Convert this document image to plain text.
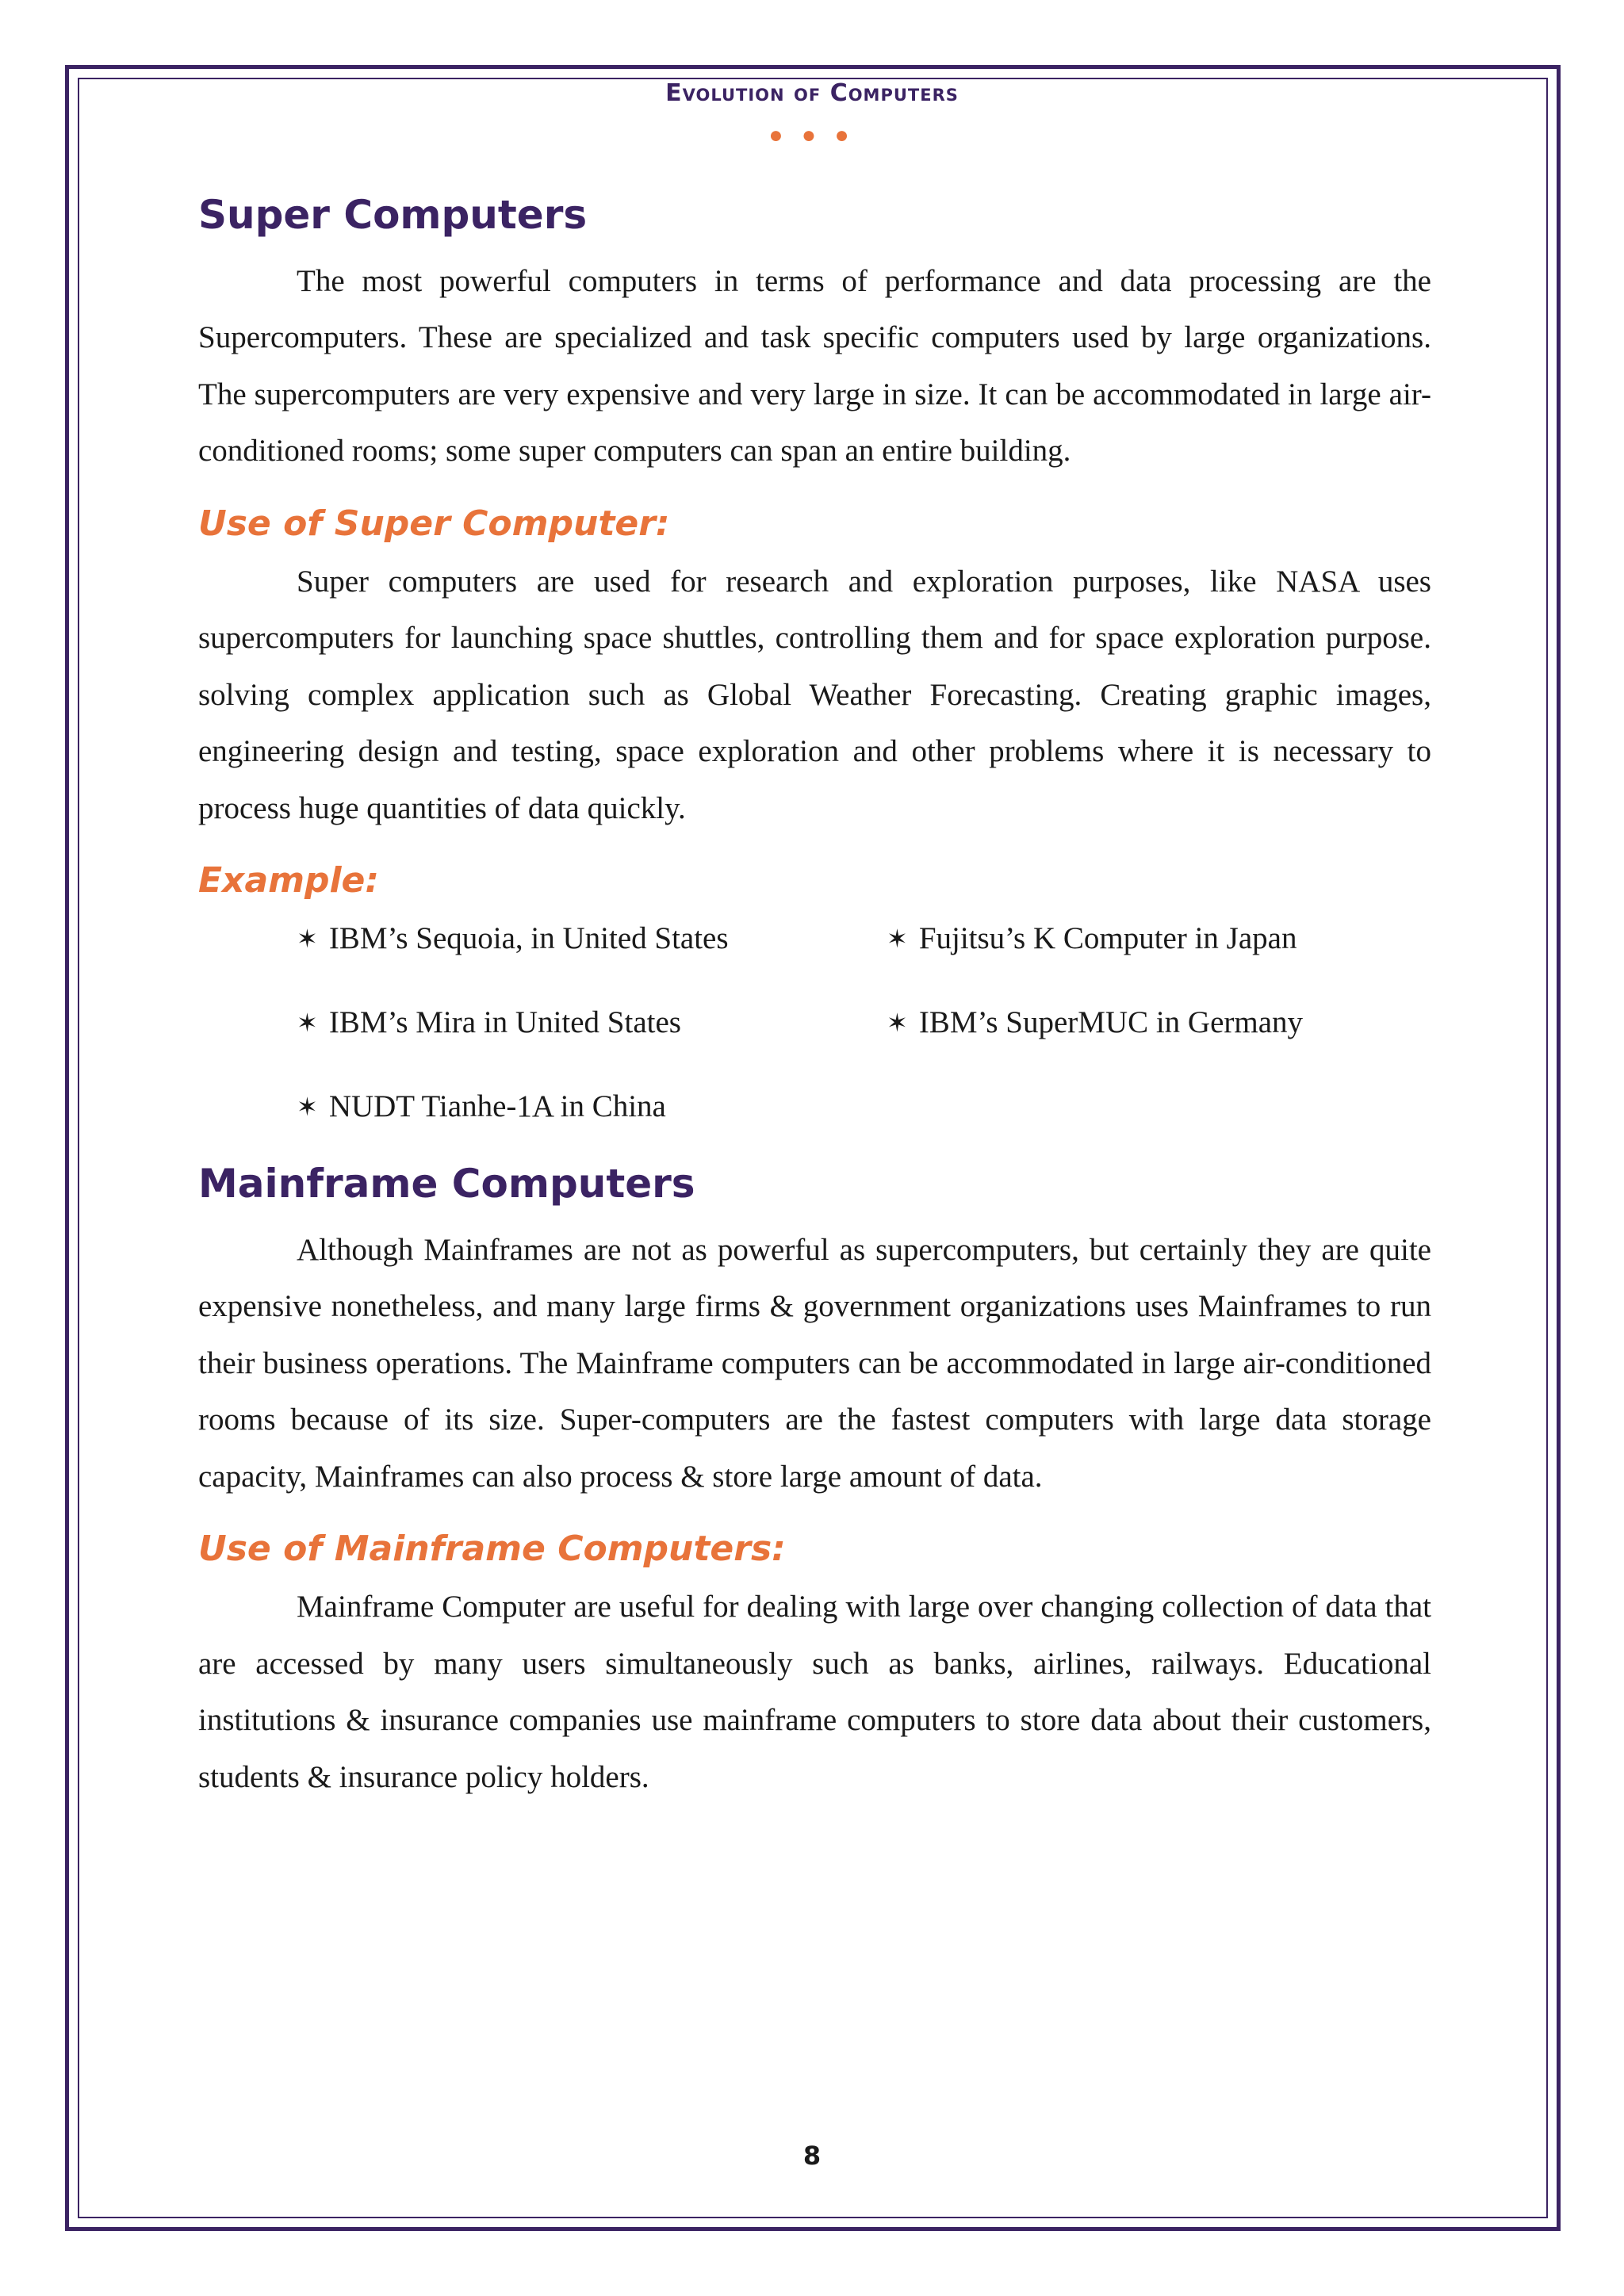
Evolution of Computers
● ● ●
Super Computers

The most powerful computers in terms of performance and data processing are the Supercomputers. These are specialized and task specific computers used by large organizations. The supercomputers are very expensive and very large in size. It can be accommodated in large air-conditioned rooms; some super computers can span an entire building.

Use of Super Computer:

Super computers are used for research and exploration purposes, like NASA uses supercomputers for launching space shuttles, controlling them and for space exploration purpose. solving complex application such as Global Weather Forecasting. Creating graphic images, engineering design and testing, space exploration and other problems where it is necessary to process huge quantities of data quickly.

Example:
✶ IBM’s Sequoia, in United States	✶ Fujitsu’s K Computer in Japan
✶ IBM’s Mira in United States	✶ IBM’s SuperMUC in Germany
✶ NUDT Tianhe-1A in China
Mainframe Computers

Although Mainframes are not as powerful as supercomputers, but certainly they are quite expensive nonetheless, and many large firms & government organizations uses Mainframes to run their business operations. The Mainframe computers can be accommodated in large air-conditioned rooms because of its size. Super-computers are the fastest computers with large data storage capacity, Mainframes can also process & store large amount of data.

Use of Mainframe Computers:

Mainframe Computer are useful for dealing with large over changing collection of data that are accessed by many users simultaneously such as banks, airlines, railways. Educational institutions & insurance companies use mainframe computers to store data about their customers, students & insurance policy holders.

8
